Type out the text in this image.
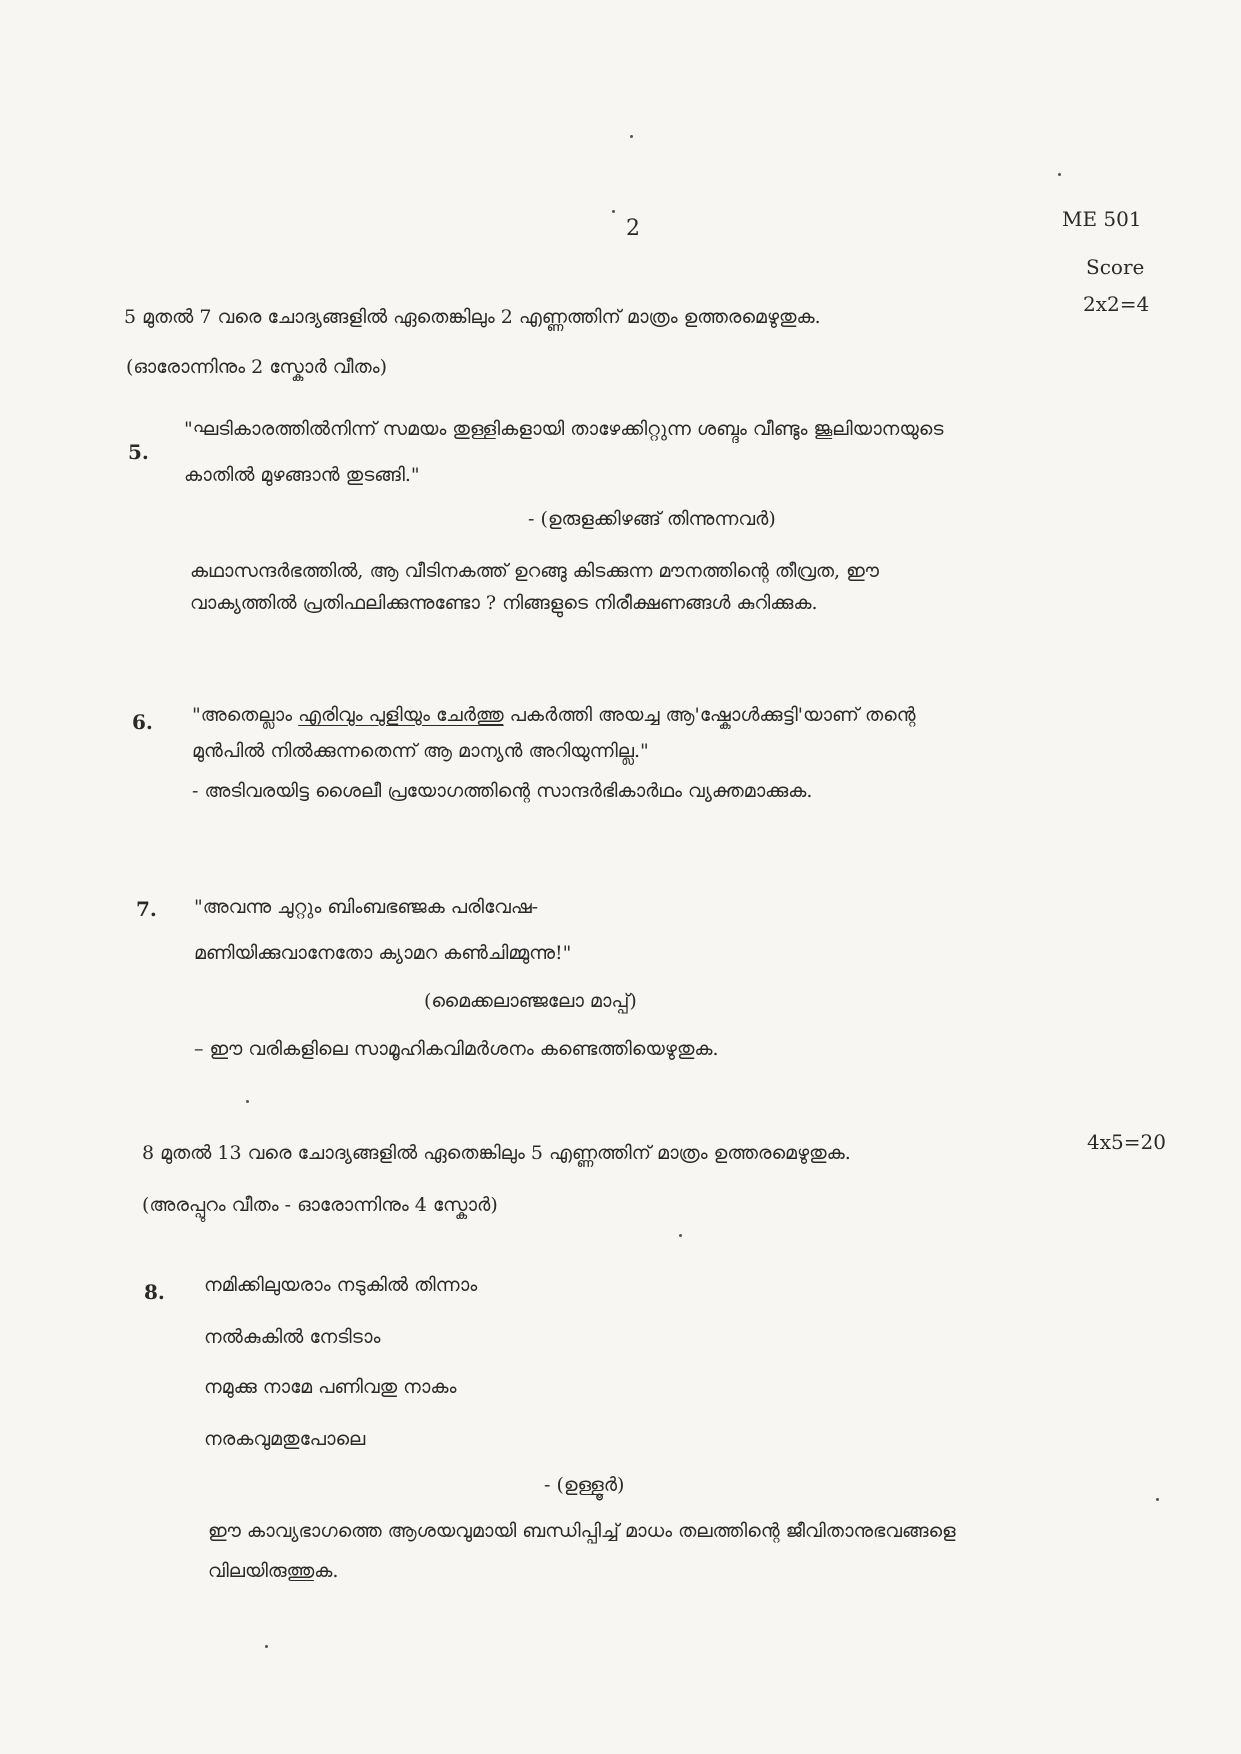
2	ME 501
Score
5 മുതൽ 7 വരെ ചോദ്യങ്ങളിൽ ഏതെങ്കിലും 2 എണ്ണത്തിന് മാത്രം ഉത്തരമെഴുതുക.
2x2=4
(ഓരോന്നിനും 2 സ്കോർ വീതം)
5.
"ഘടികാരത്തിൽനിന്ന് സമയം തുള്ളികളായി താഴേക്കിറ്റുന്ന ശബ്ദം വീണ്ടും ജൂലിയാനയുടെ
കാതിൽ മുഴങ്ങാൻ തുടങ്ങി."
- (ഉരുളക്കിഴങ്ങ് തിന്നുന്നവർ)
കഥാസന്ദർഭത്തിൽ, ആ വീടിനകത്ത് ഉറങ്ങു കിടക്കുന്ന മൗനത്തിന്റെ തീവ്രത, ഈ
വാക്യത്തിൽ പ്രതിഫലിക്കുന്നുണ്ടോ ? നിങ്ങളുടെ നിരീക്ഷണങ്ങൾ കുറിക്കുക.
6. "അതെല്ലാം എരിവും പുളിയും ചേർത്തു പകർത്തി അയച്ച ആ'ഷ്കോൾക്കുട്ടി'യാണ് തന്റെ
മുൻപിൽ നിൽക്കുന്നതെന്ന് ആ മാന്യൻ അറിയുന്നില്ല."
- അടിവരയിട്ട ശൈലീ പ്രയോഗത്തിന്റെ സാന്ദർഭികാർഥം വ്യക്തമാക്കുക.
7. "അവന്നു ചുറ്റും ബിംബഭഞ്ജക പരിവേഷ-
മണിയിക്കുവാനേതോ ക്യാമറ കൺചിമ്മുന്നു!"
(മൈക്കലാഞ്ജലോ മാപ്പ്)
– ഈ വരികളിലെ സാമൂഹികവിമർശനം കണ്ടെത്തിയെഴുതുക.
8 മുതൽ 13 വരെ ചോദ്യങ്ങളിൽ ഏതെങ്കിലും 5 എണ്ണത്തിന് മാത്രം ഉത്തരമെഴുതുക.	4x5=20
(അരപ്പുറം വീതം - ഓരോന്നിനും 4 സ്കോർ)
8. നമിക്കിലുയരാം നടുകിൽ തിന്നാം
നൽകുകിൽ നേടിടാം
നമുക്കു നാമേ പണിവതു നാകം
നരകവുമതുപോലെ
- (ഉള്ളൂർ)
ഈ കാവ്യഭാഗത്തെ ആശയവുമായി ബന്ധിപ്പിച്ച് മാധം തലത്തിന്റെ ജീവിതാനുഭവങ്ങളെ
വിലയിരുത്തുക.
